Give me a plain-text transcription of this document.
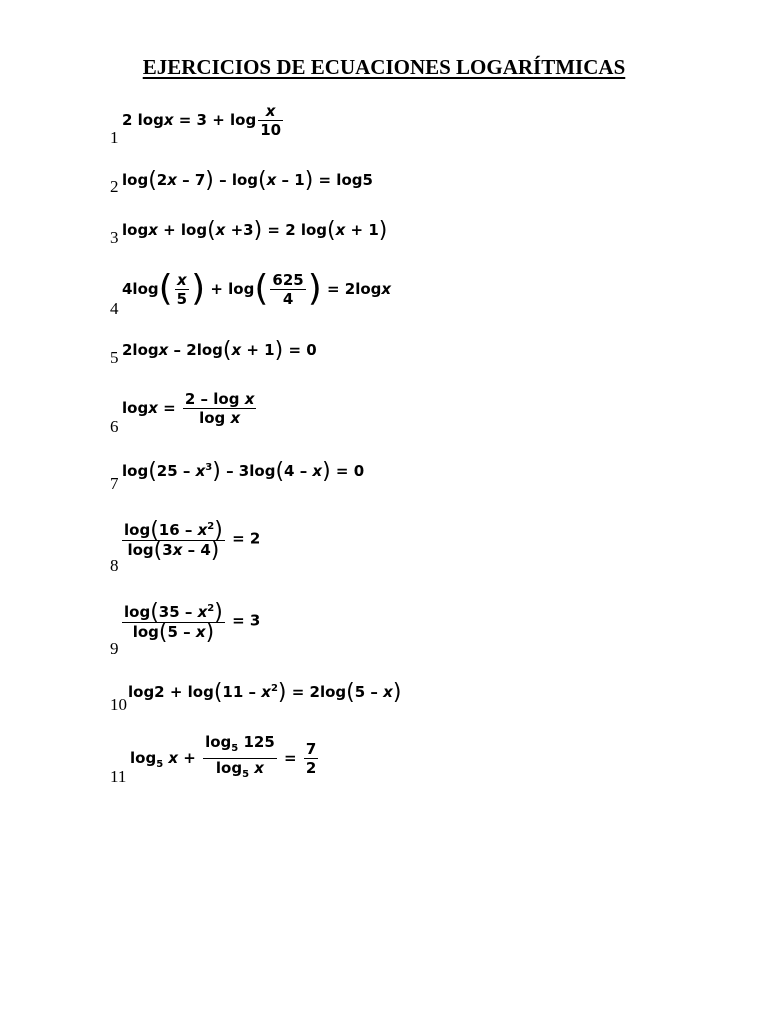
EJERCICIOS DE ECUACIONES LOGARÍTMICAS
1
2 $\log x = 3 + \log \frac{x}{10}$
2 log(2x – 7) – log(x – 1) = log5
3 logx + log(x +3) = 2 log(x + 1)
4
$4\log( \frac{x}{5}$ ) + $\log( \frac{625}{4}$ ) = 2logx
5 2logx – 2log(x + 1) = 0
6
$\log x = \frac{\text{2 – log x}}{\text{log x}}$
7
$\log(25 - x^3) - 3\log(4 - x) = 0$
8
$\frac{\log(16 - x^2)}{\log(3x - 4)} = 2$
9
$\frac{\log(35 - x^2)}{\log(5 - x)} = 3$
10
$\log 2 + \log(11 - x^2) = 2\log(5 - x)$
11
$\log_5 x + \frac{\log_5 125}{\log_5 x} = \frac{7}{2}$
